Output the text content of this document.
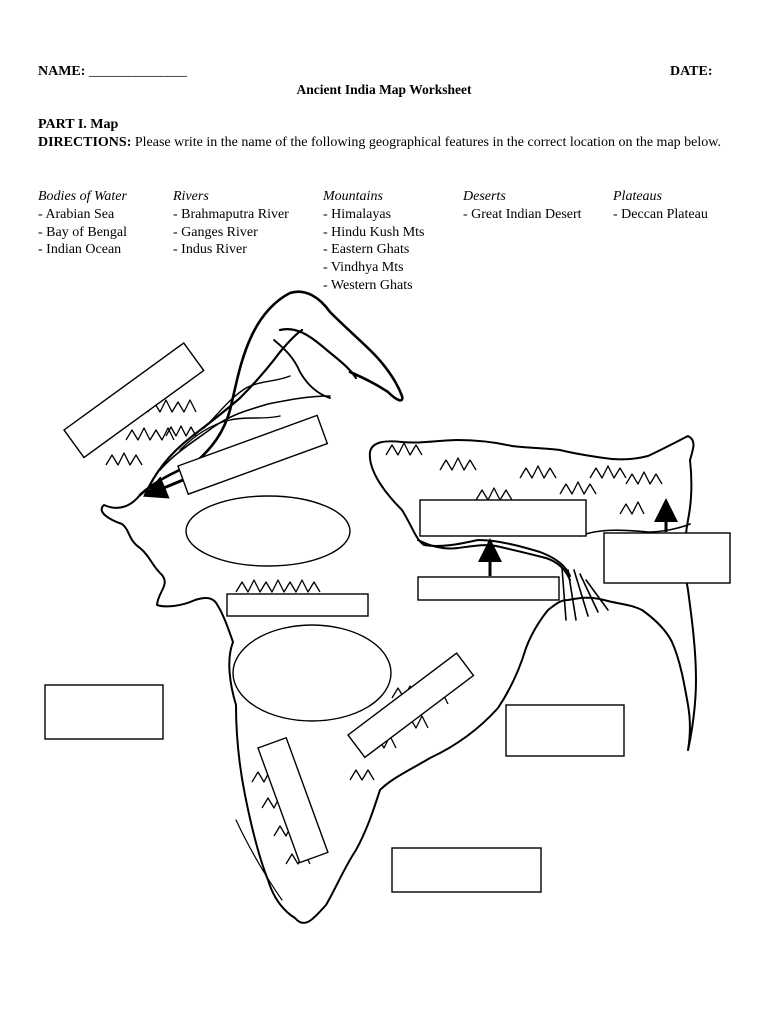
NAME: _______________	DATE:
Ancient India Map Worksheet
PART I. Map
DIRECTIONS: Please write in the name of the following geographical features in the correct location on the map below.
Bodies of Water
- Arabian Sea
- Bay of Bengal
- Indian Ocean
Rivers
- Brahmaputra River
- Ganges River
- Indus River
Mountains
- Himalayas
- Hindu Kush Mts
- Eastern Ghats
- Vindhya Mts
- Western Ghats
Deserts
- Great Indian Desert
Plateaus
- Deccan Plateau
